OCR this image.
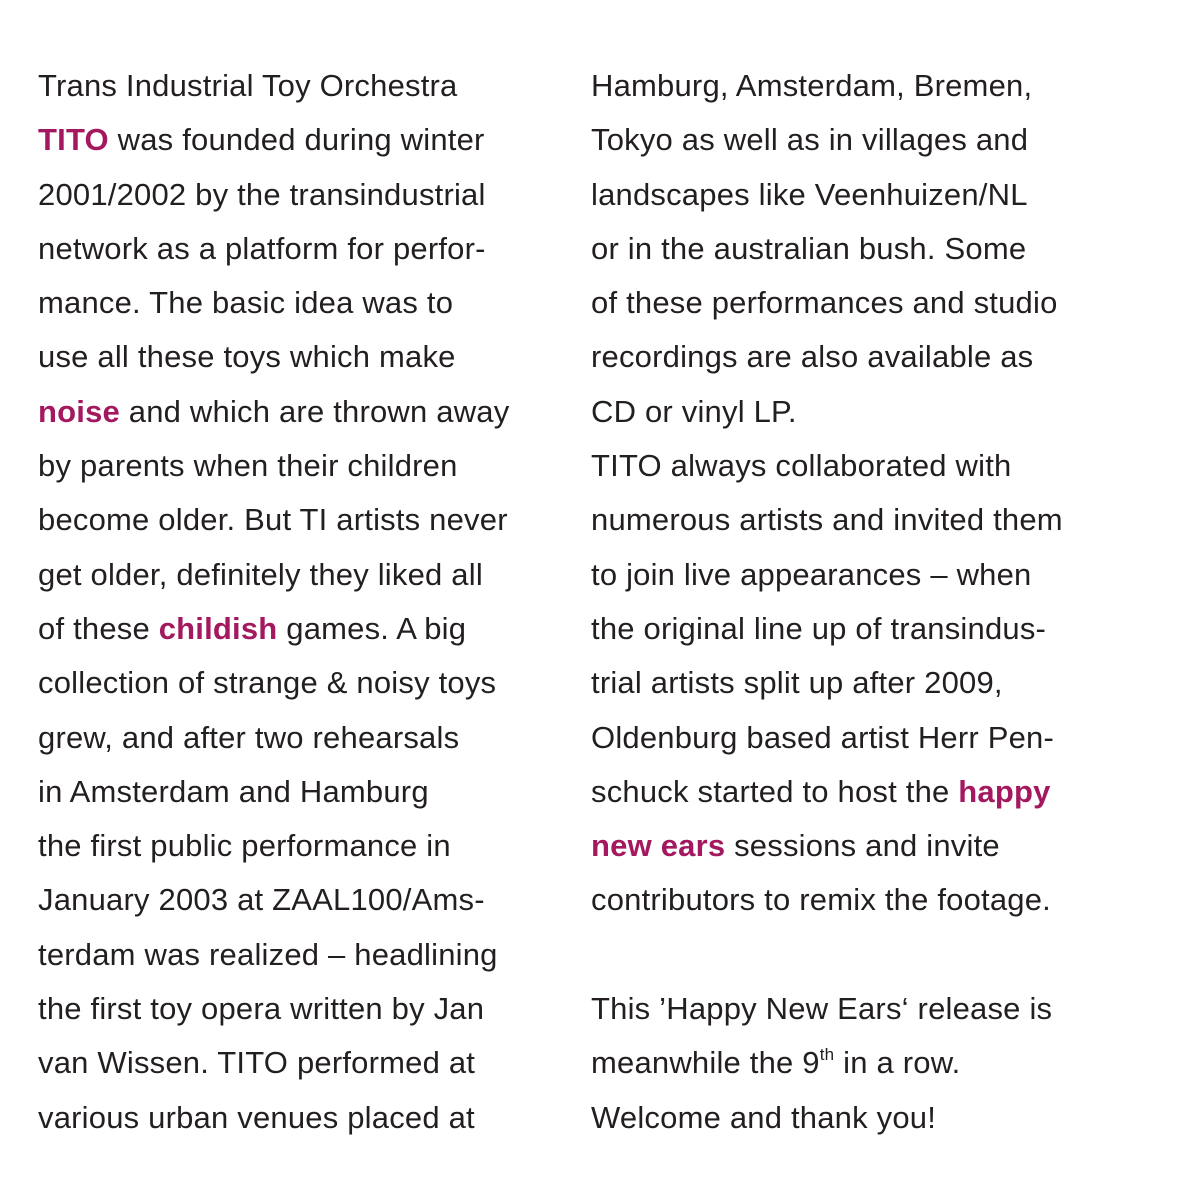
Trans Industrial Toy Orchestra
TITO was founded during winter
2001/2002 by the transindustrial
network as a platform for perfor-
mance. The basic idea was to
use all these toys which make
noise and which are thrown away
by parents when their children
become older. But TI artists never
get older, definitely they liked all
of these childish games. A big
collection of strange & noisy toys
grew, and after two rehearsals
in Amsterdam and Hamburg
the first public performance in
January 2003 at ZAAL100/Ams-
terdam was realized – headlining
the first toy opera written by Jan
van Wissen. TITO performed at
various urban venues placed at
Hamburg, Amsterdam, Bremen,
Tokyo as well as in villages and
landscapes like Veenhuizen/NL
or in the australian bush. Some
of these performances and studio
recordings are also available as
CD or vinyl LP.
TITO always collaborated with
numerous artists and invited them
to join live appearances – when
the original line up of transindus-
trial artists split up after 2009,
Oldenburg based artist Herr Pen-
schuck started to host the happy
new ears sessions and invite
contributors to remix the footage.
This ’Happy New Ears‘ release is
meanwhile the 9th in a row.
Welcome and thank you!
